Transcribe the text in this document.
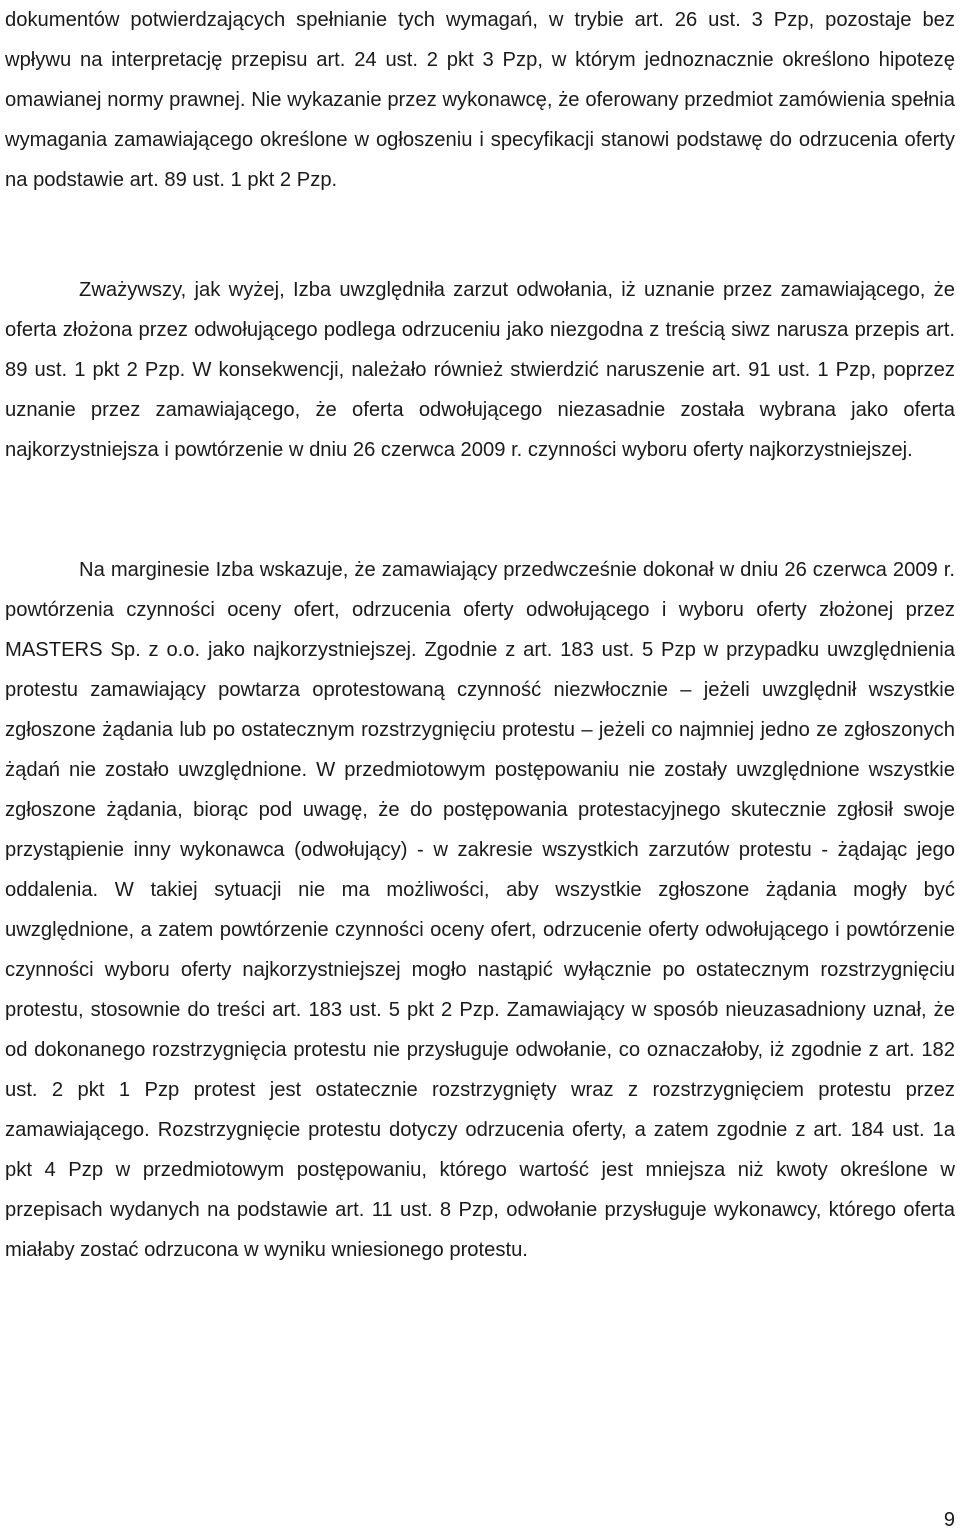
dokumentów potwierdzających spełnianie tych wymagań, w trybie art. 26 ust. 3 Pzp, pozostaje bez wpływu na interpretację przepisu art. 24 ust. 2 pkt 3 Pzp, w którym jednoznacznie określono hipotezę omawianej normy prawnej. Nie wykazanie przez wykonawcę, że oferowany przedmiot zamówienia spełnia wymagania zamawiającego określone w ogłoszeniu i specyfikacji stanowi podstawę do odrzucenia oferty na podstawie art. 89 ust. 1 pkt 2 Pzp.

Zważywszy, jak wyżej, Izba uwzględniła zarzut odwołania, iż uznanie przez zamawiającego, że oferta złożona przez odwołującego podlega odrzuceniu jako niezgodna z treścią siwz narusza przepis art. 89 ust. 1 pkt 2 Pzp. W konsekwencji, należało również stwierdzić naruszenie art. 91 ust. 1 Pzp, poprzez uznanie przez zamawiającego, że oferta odwołującego niezasadnie została wybrana jako oferta najkorzystniejsza i powtórzenie w dniu 26 czerwca 2009 r. czynności wyboru oferty najkorzystniejszej.

Na marginesie Izba wskazuje, że zamawiający przedwcześnie dokonał w dniu 26 czerwca 2009 r. powtórzenia czynności oceny ofert, odrzucenia oferty odwołującego i wyboru oferty złożonej przez MASTERS Sp. z o.o. jako najkorzystniejszej. Zgodnie z art. 183 ust. 5 Pzp w przypadku uwzględnienia protestu zamawiający powtarza oprotestowaną czynność niezwłocznie – jeżeli uwzględnił wszystkie zgłoszone żądania lub po ostatecznym rozstrzygnięciu protestu – jeżeli co najmniej jedno ze zgłoszonych żądań nie zostało uwzględnione. W przedmiotowym postępowaniu nie zostały uwzględnione wszystkie zgłoszone żądania, biorąc pod uwagę, że do postępowania protestacyjnego skutecznie zgłosił swoje przystąpienie inny wykonawca (odwołujący) - w zakresie wszystkich zarzutów protestu - żądając jego oddalenia. W takiej sytuacji nie ma możliwości, aby wszystkie zgłoszone żądania mogły być uwzględnione, a zatem powtórzenie czynności oceny ofert, odrzucenie oferty odwołującego i powtórzenie czynności wyboru oferty najkorzystniejszej mogło nastąpić wyłącznie po ostatecznym rozstrzygnięciu protestu, stosownie do treści art. 183 ust. 5 pkt 2 Pzp. Zamawiający w sposób nieuzasadniony uznał, że od dokonanego rozstrzygnięcia protestu nie przysługuje odwołanie, co oznaczałoby, iż zgodnie z art. 182 ust. 2 pkt 1 Pzp protest jest ostatecznie rozstrzygnięty wraz z rozstrzygnięciem protestu przez zamawiającego. Rozstrzygnięcie protestu dotyczy odrzucenia oferty, a zatem zgodnie z art. 184 ust. 1a pkt 4 Pzp w przedmiotowym postępowaniu, którego wartość jest mniejsza niż kwoty określone w przepisach wydanych na podstawie art. 11 ust. 8 Pzp, odwołanie przysługuje wykonawcy, którego oferta miałaby zostać odrzucona w wyniku wniesionego protestu.

9
